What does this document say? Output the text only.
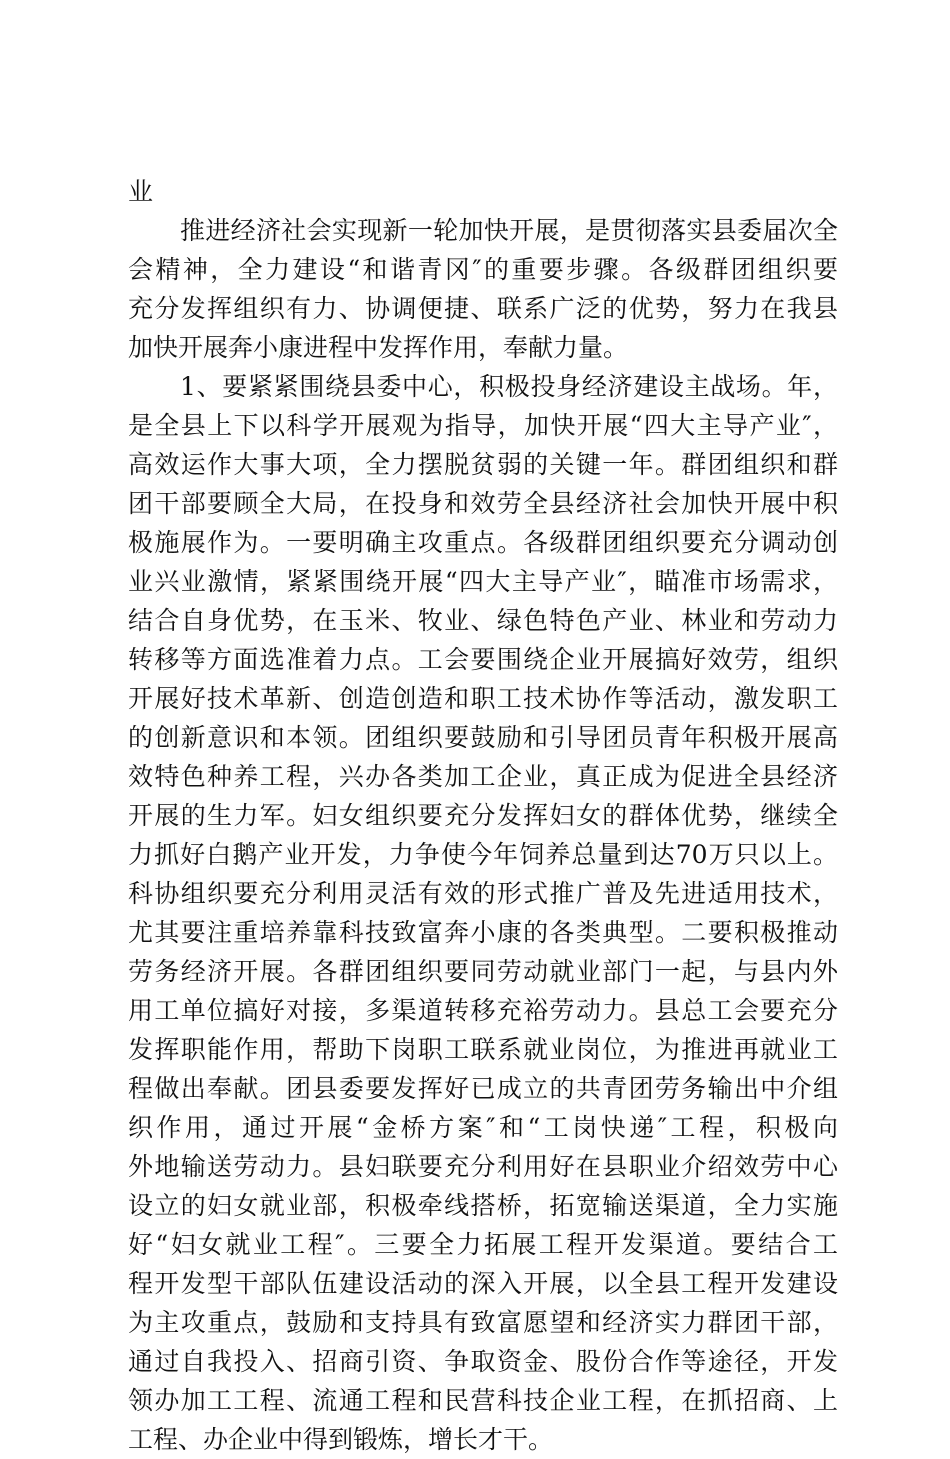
业
推进经济社会实现新一轮加快开展，是贯彻落实县委届次全
会精神，全力建设“和谐青冈″的重要步骤。各级群团组织要
充分发挥组织有力、协调便捷、联系广泛的优势，努力在我县
加快开展奔小康进程中发挥作用，奉献力量。
1、要紧紧围绕县委中心，积极投身经济建设主战场。年，
是全县上下以科学开展观为指导，加快开展“四大主导产业″，
高效运作大事大项，全力摆脱贫弱的关键一年。群团组织和群
团干部要顾全大局，在投身和效劳全县经济社会加快开展中积
极施展作为。一要明确主攻重点。各级群团组织要充分调动创
业兴业激情，紧紧围绕开展“四大主导产业″，瞄准市场需求，
结合自身优势，在玉米、牧业、绿色特色产业、林业和劳动力
转移等方面选准着力点。工会要围绕企业开展搞好效劳，组织
开展好技术革新、创造创造和职工技术协作等活动，激发职工
的创新意识和本领。团组织要鼓励和引导团员青年积极开展高
效特色种养工程，兴办各类加工企业，真正成为促进全县经济
开展的生力军。妇女组织要充分发挥妇女的群体优势，继续全
力抓好白鹅产业开发，力争使今年饲养总量到达70万只以上。
科协组织要充分利用灵活有效的形式推广普及先进适用技术，
尤其要注重培养靠科技致富奔小康的各类典型。二要积极推动
劳务经济开展。各群团组织要同劳动就业部门一起，与县内外
用工单位搞好对接，多渠道转移充裕劳动力。县总工会要充分
发挥职能作用，帮助下岗职工联系就业岗位，为推进再就业工
程做出奉献。团县委要发挥好已成立的共青团劳务输出中介组
织作用，通过开展“金桥方案″和“工岗快递″工程，积极向
外地输送劳动力。县妇联要充分利用好在县职业介绍效劳中心
设立的妇女就业部，积极牵线搭桥，拓宽输送渠道，全力实施
好“妇女就业工程″。三要全力拓展工程开发渠道。要结合工
程开发型干部队伍建设活动的深入开展，以全县工程开发建设
为主攻重点，鼓励和支持具有致富愿望和经济实力群团干部，
通过自我投入、招商引资、争取资金、股份合作等途径，开发
领办加工工程、流通工程和民营科技企业工程，在抓招商、上
工程、办企业中得到锻炼，增长才干。
